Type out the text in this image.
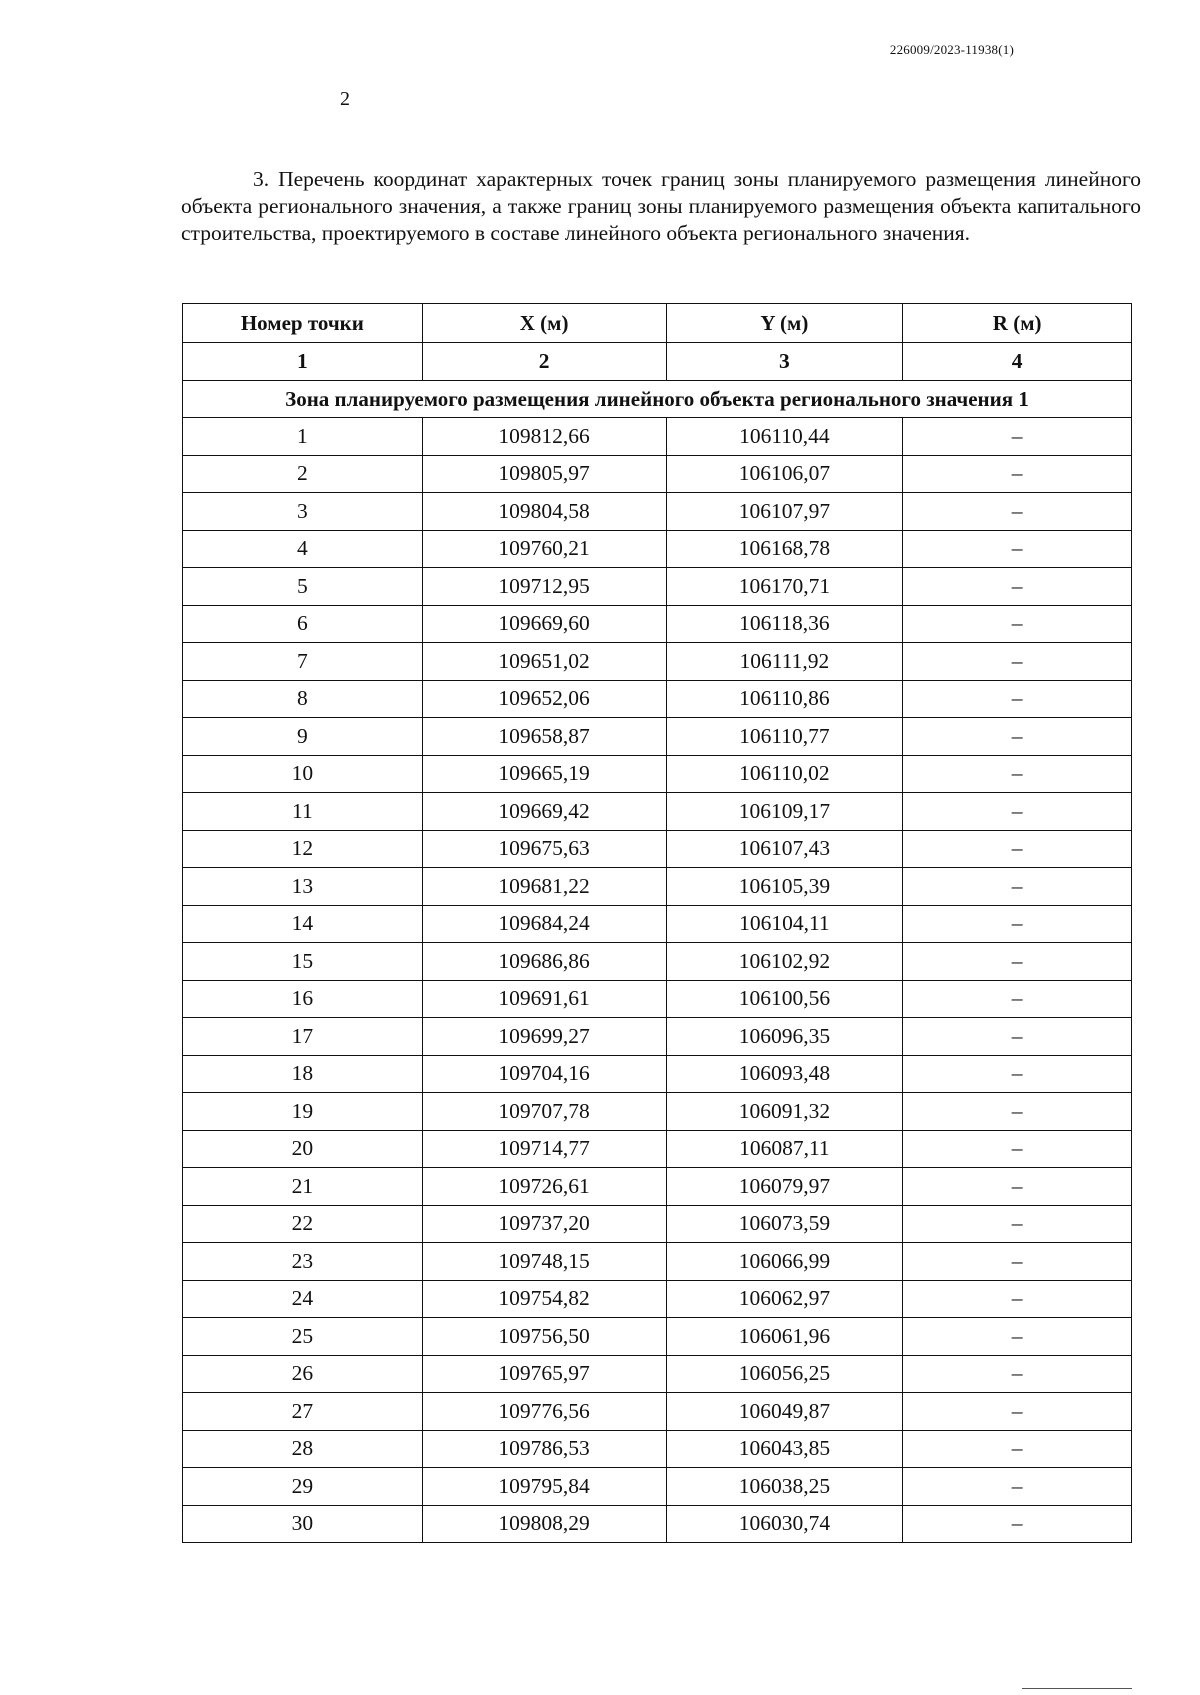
226009/2023-11938(1)
2

3. Перечень координат характерных точек границ зоны планируемого размещения линейного объекта регионального значения, а также границ зоны планируемого размещения объекта капитального строительства, проектируемого в составе линейного объекта регионального значения.

Номер точки	X (м)	Y (м)	R (м)
1	2	3	4
Зона планируемого размещения линейного объекта регионального значения 1			
1	109812,66	106110,44	–
2	109805,97	106106,07	–
3	109804,58	106107,97	–
4	109760,21	106168,78	–
5	109712,95	106170,71	–
6	109669,60	106118,36	–
7	109651,02	106111,92	–
8	109652,06	106110,86	–
9	109658,87	106110,77	–
10	109665,19	106110,02	–
11	109669,42	106109,17	–
12	109675,63	106107,43	–
13	109681,22	106105,39	–
14	109684,24	106104,11	–
15	109686,86	106102,92	–
16	109691,61	106100,56	–
17	109699,27	106096,35	–
18	109704,16	106093,48	–
19	109707,78	106091,32	–
20	109714,77	106087,11	–
21	109726,61	106079,97	–
22	109737,20	106073,59	–
23	109748,15	106066,99	–
24	109754,82	106062,97	–
25	109756,50	106061,96	–
26	109765,97	106056,25	–
27	109776,56	106049,87	–
28	109786,53	106043,85	–
29	109795,84	106038,25	–
30	109808,29	106030,74	–
